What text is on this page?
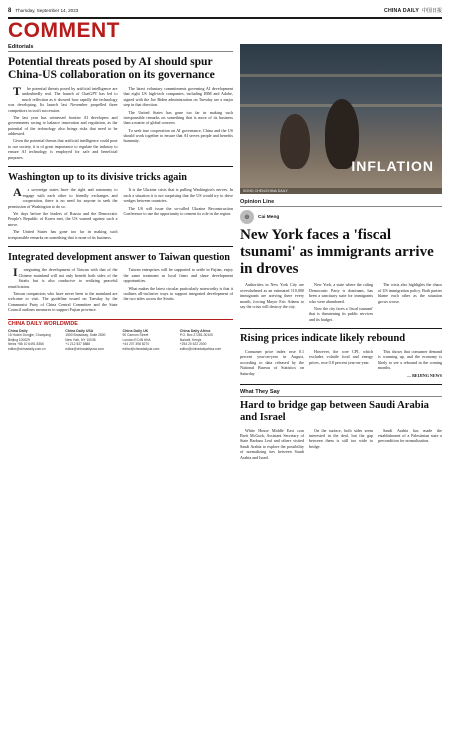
8 Thursday, September 14, 2023	CHINA DAILY 中国日报
COMMENT
Editorials
Potential threats posed by AI should spur China-US collaboration on its governance

The potential threats posed by artificial intelligence are undoubtedly real. The launch of ChatGPT has led to much reflection as it showed how rapidly the technology was developing. Its launch last November propelled three competitors in swift succession.

The last year has witnessed frontier AI developers and governments racing to balance innovation and regulation, as the potential of the technology also brings risks that need to be addressed.

Given the potential threats that artificial intelligence could pose to our society, it is of great importance to regulate the industry to ensure AI technology is employed for safe and beneficial purposes.

The latest voluntary commitments governing AI development that eight US high-tech companies, including IBM and Adobe, signed with the Joe Biden administration on Tuesday are a major step in that direction.

The United States has gone too far in making such irresponsible remarks on something that is more of its business than a matter of global concern.

To seek true cooperation on AI governance, China and the US should work together to ensure that AI serves people and benefits humanity.

Washington up to its divisive tricks again

As sovereign states have the right and autonomy to engage with each other to friendly exchanges and cooperation, there is no need for anyone to seek the permission of Washington to do so.

Yet days before the leaders of Russia and the Democratic People's Republic of Korea met, the US warned against such a move.

The United States has gone too far in making such irresponsible remarks on something that is none of its business.

It is the Ukraine crisis that is pulling Washington's nerves. In such a situation it is not surprising that the US would try to drive wedges between countries.

The US will issue the so-called Ukraine Reconstruction Conference to use the opportunity to cement its role in the region.

Integrated development answer to Taiwan question

Integrating the development of Taiwan with that of the Chinese mainland will not only benefit both sides of the Straits but is also conducive to realizing peaceful reunification.

Taiwan compatriots who have never been to the mainland are welcome to visit. The guideline issued on Tuesday by the Communist Party of China Central Committee and the State Council outlines measures to support Fujian province.

Taiwan enterprises will be supported to settle in Fujian, enjoy the same treatment as local firms and share development opportunities.

What makes the latest circular particularly noteworthy is that it outlines all-inclusive ways to support integrated development of the two sides across the Straits.

CHINA DAILY WORLDWIDE
China Daily
15 Huixin Dongjie, Chaoyang
Beijing 100029
News +86 10 6491 8366
editor@chinadaily.com.cn
China Daily USA
1500 Broadway, Suite 2800
New York, NY 10036
+1 212 537 8888
editor@chinadailyusa.com
China Daily UK
90 Cannon Street
London EC4N 6HA
+44 207 398 8270
editor@chinadailyuk.com
China Daily Africa
P.O. Box 27281-00100
Nairobi, Kenya
+254 20 522 2000
editor@chinadailyafrica.com
INFLATION
SONG CHEN/CHINA DAILY
Opinion Line
☻	Cai Meng
New York faces a 'fiscal tsunami' as immigrants arrive in droves

Authorities in New York City are overwhelmed as an estimated 110,000 immigrants are arriving there every month, forcing Mayor Eric Adams to say the crisis will destroy the city.

New York, a state where the ruling Democratic Party is dominant, has been a sanctuary state for immigrants who were abandoned.

Now the city faces a 'fiscal tsunami' that is threatening its public services and its budget.

The crisis also highlights the chaos of US immigration policy. Both parties blame each other as the situation grows worse.

Rising prices indicate likely rebound

Consumer price index rose 0.1 percent year-on-year in August, according to data released by the National Bureau of Statistics on Saturday.

However, the core CPI, which excludes volatile food and energy prices, rose 0.8 percent year-on-year.

This shows that consumer demand is warming up, and the economy is likely to see a rebound in the coming months.

— BEIJING NEWS

What They Say
Hard to bridge gap between Saudi Arabia and Israel

White House Middle East czar Brett McGurk, Assistant Secretary of State Barbara Leaf and others visited Saudi Arabia to explore the possibility of normalizing ties between Saudi Arabia and Israel.

On the surface, both sides seem interested in the deal, but the gap between them is still too wide to bridge.

Saudi Arabia has made the establishment of a Palestinian state a precondition for normalization.
